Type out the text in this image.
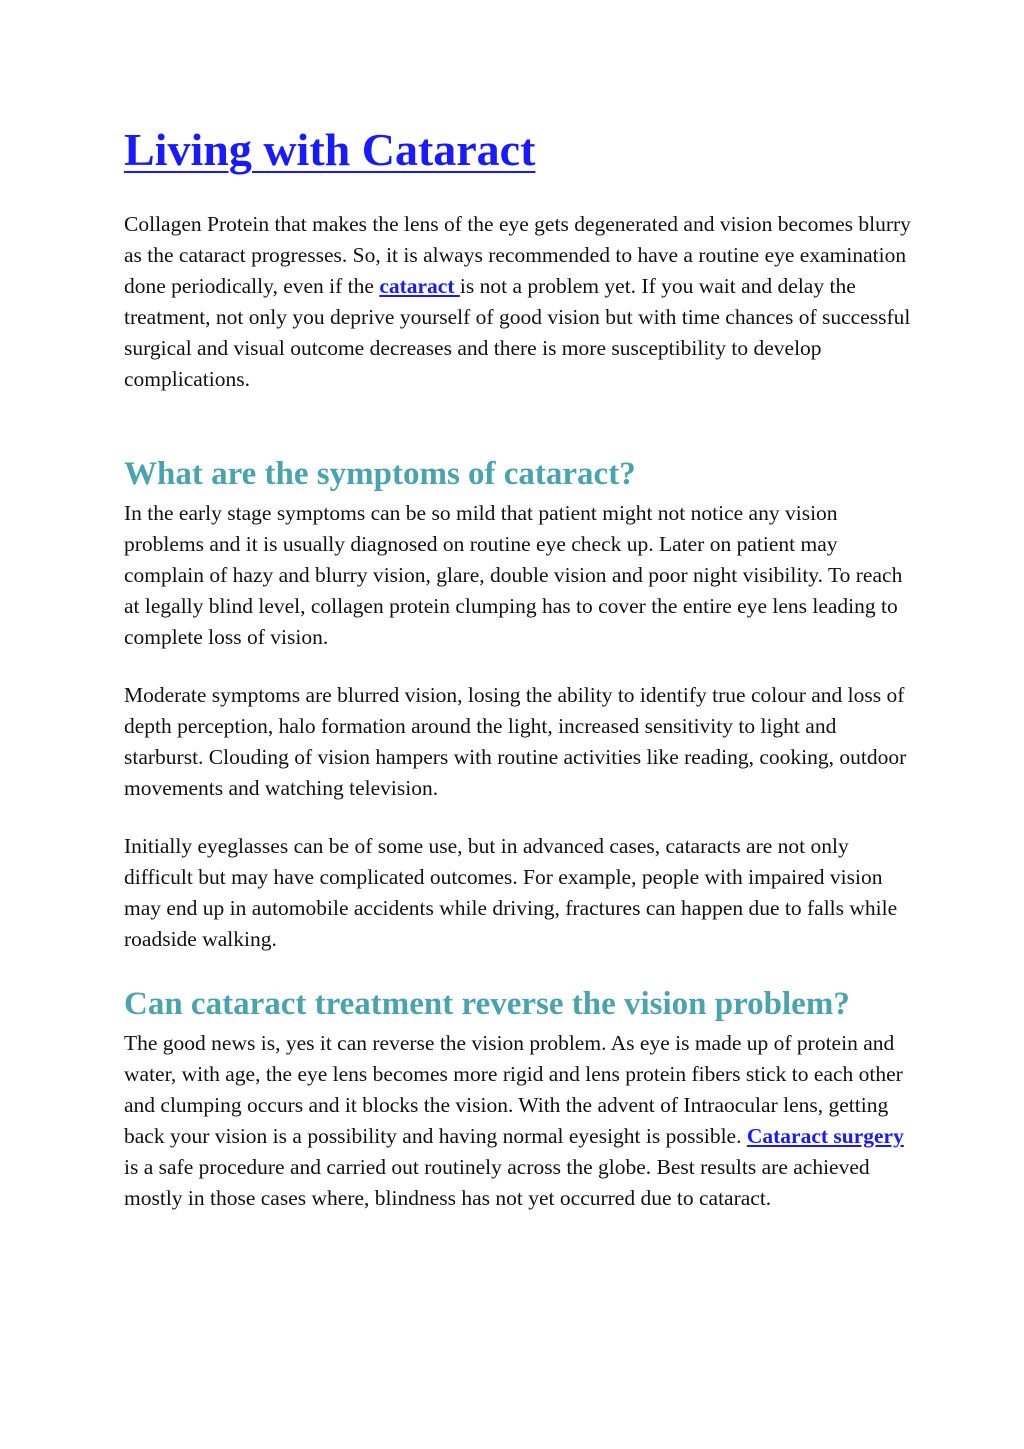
Living with Cataract

Collagen Protein that makes the lens of the eye gets degenerated and vision becomes blurry as the cataract progresses. So, it is always recommended to have a routine eye examination done periodically, even if the cataract is not a problem yet. If you wait and delay the treatment, not only you deprive yourself of good vision but with time chances of successful surgical and visual outcome decreases and there is more susceptibility to develop complications.

What are the symptoms of cataract?

In the early stage symptoms can be so mild that patient might not notice any vision problems and it is usually diagnosed on routine eye check up. Later on patient may complain of hazy and blurry vision, glare, double vision and poor night visibility. To reach at legally blind level, collagen protein clumping has to cover the entire eye lens leading to complete loss of vision.

Moderate symptoms are blurred vision, losing the ability to identify true colour and loss of depth perception, halo formation around the light, increased sensitivity to light and starburst. Clouding of vision hampers with routine activities like reading, cooking, outdoor movements and watching television.

Initially eyeglasses can be of some use, but in advanced cases, cataracts are not only difficult but may have complicated outcomes. For example, people with impaired vision may end up in automobile accidents while driving, fractures can happen due to falls while roadside walking.

Can cataract treatment reverse the vision problem?

The good news is, yes it can reverse the vision problem. As eye is made up of protein and water, with age, the eye lens becomes more rigid and lens protein fibers stick to each other and clumping occurs and it blocks the vision. With the advent of Intraocular lens, getting back your vision is a possibility and having normal eyesight is possible. Cataract surgery is a safe procedure and carried out routinely across the globe. Best results are achieved mostly in those cases where, blindness has not yet occurred due to cataract.
